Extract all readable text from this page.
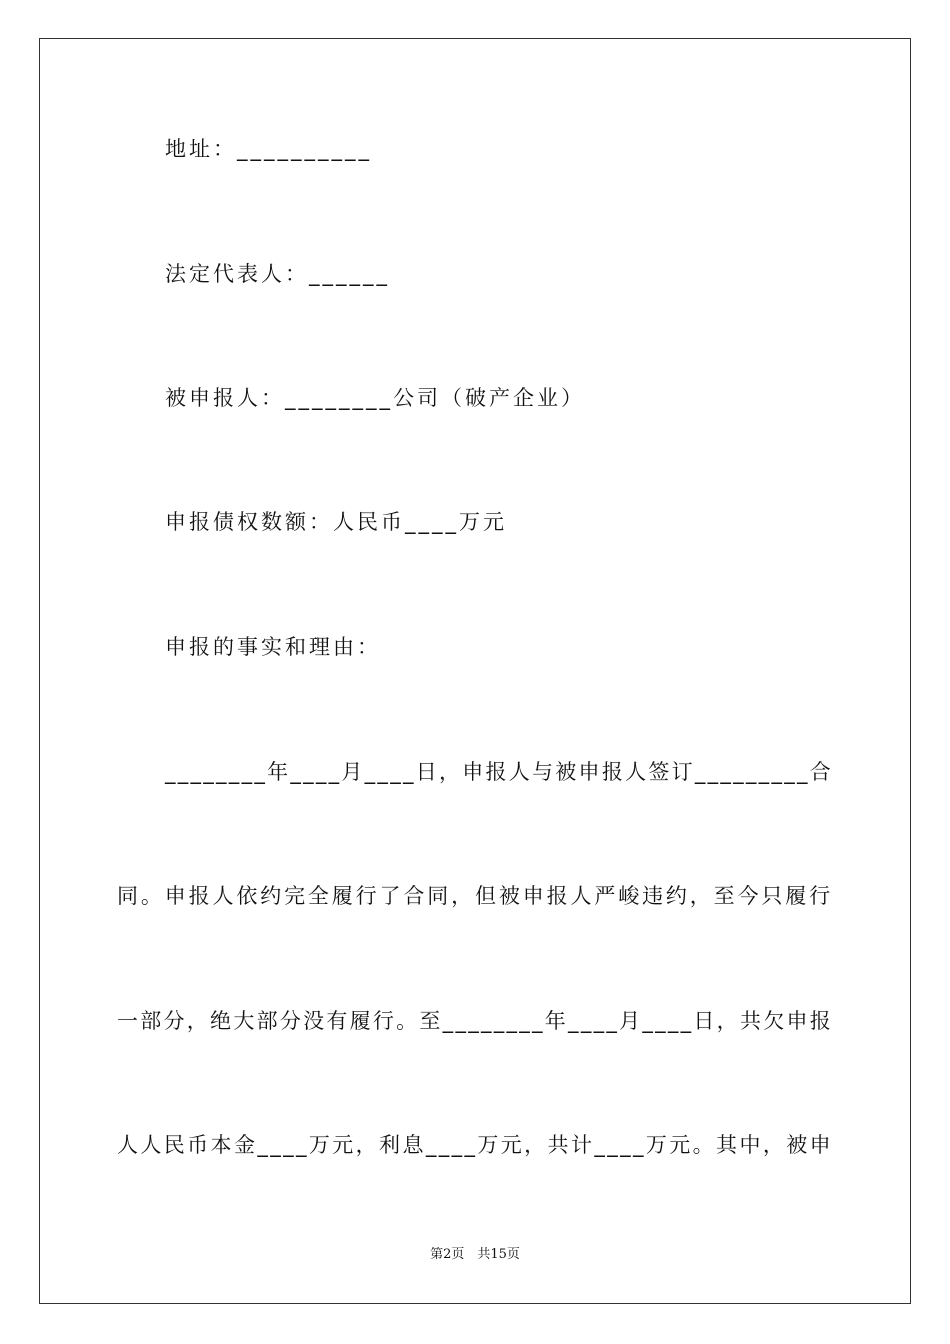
地址：__________
法定代表人：______
被申报人：________公司（破产企业）
申报债权数额：人民币____万元
申报的事实和理由：
________年____月____日，申报人与被申报人签订_________合
同。申报人依约完全履行了合同，但被申报人严峻违约，至今只履行
一部分，绝大部分没有履行。至________年____月____日，共欠申报
人人民币本金____万元，利息____万元，共计____万元。其中，被申
第2页　共15页
